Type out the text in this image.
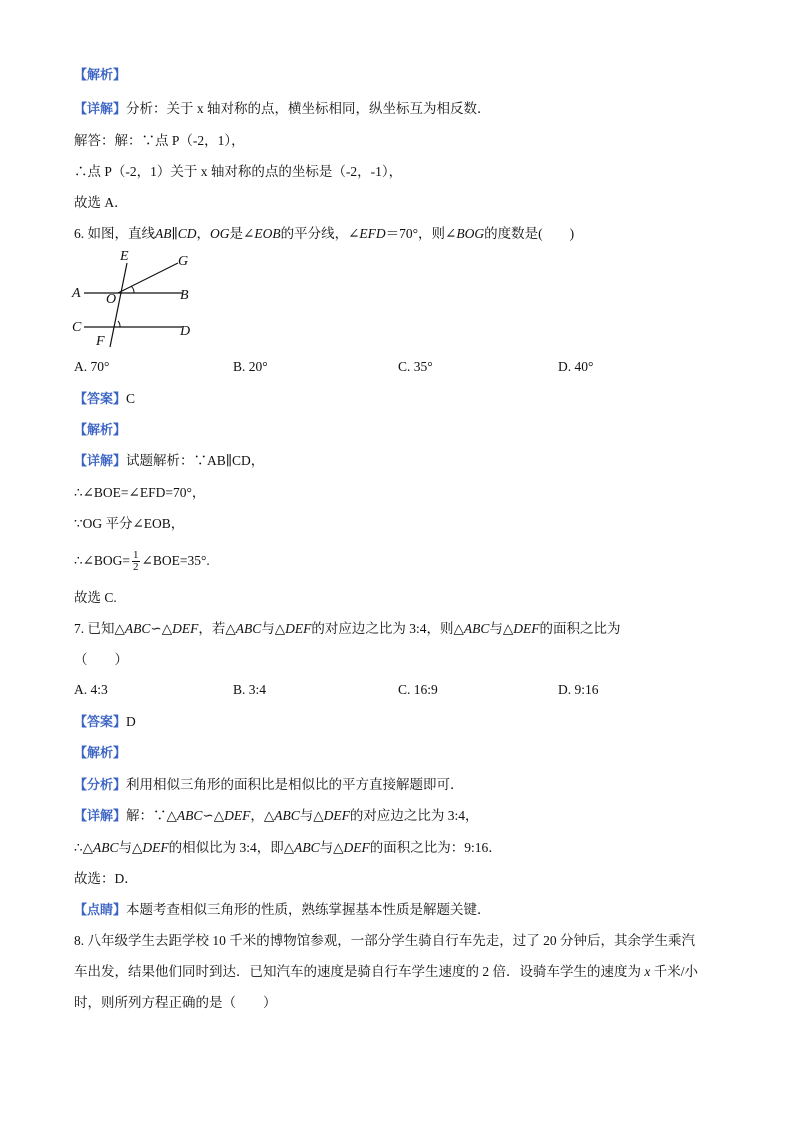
【解析】
【详解】分析：关于 x 轴对称的点，横坐标相同，纵坐标互为相反数．
解答：解：∵点 P（-2，1），
∴点 P（-2，1）关于 x 轴对称的点的坐标是（-2，-1），
故选 A．
6. 如图，直线AB∥CD，OG是∠EOB的平分线，∠EFD＝70°，则∠BOG的度数是(　　)
E	G
A O	B
C	D
F
A. 70°	B. 20°	C. 35°	D. 40°
【答案】C
【解析】
【详解】试题解析：∵AB∥CD，
∴∠BOE=∠EFD=70°，
∵OG 平分∠EOB，
∴∠BOG= $\frac{1}{2}$ ∠BOE=35°.
故选 C.
7. 已知△ABC∽△DEF，若△ABC与△DEF的对应边之比为 3:4，则△ABC与△DEF的面积之比为
（　　）
A. 4:3	B. 3:4	C. 16:9	D. 9:16
【答案】D
【解析】
【分析】利用相似三角形的面积比是相似比的平方直接解题即可．
【详解】解：∵△ABC∽△DEF，△ABC与△DEF的对应边之比为 3:4，
∴△ABC与△DEF的相似比为 3:4，即△ABC与△DEF的面积之比为：9:16．
故选：D．
【点睛】本题考查相似三角形的性质，熟练掌握基本性质是解题关键．
8. 八年级学生去距学校 10 千米的博物馆参观，一部分学生骑自行车先走，过了 20 分钟后，其余学生乘汽
车出发，结果他们同时到达．已知汽车的速度是骑自行车学生速度的 2 倍．设骑车学生的速度为 x 千米/小
时，则所列方程正确的是（　　）
